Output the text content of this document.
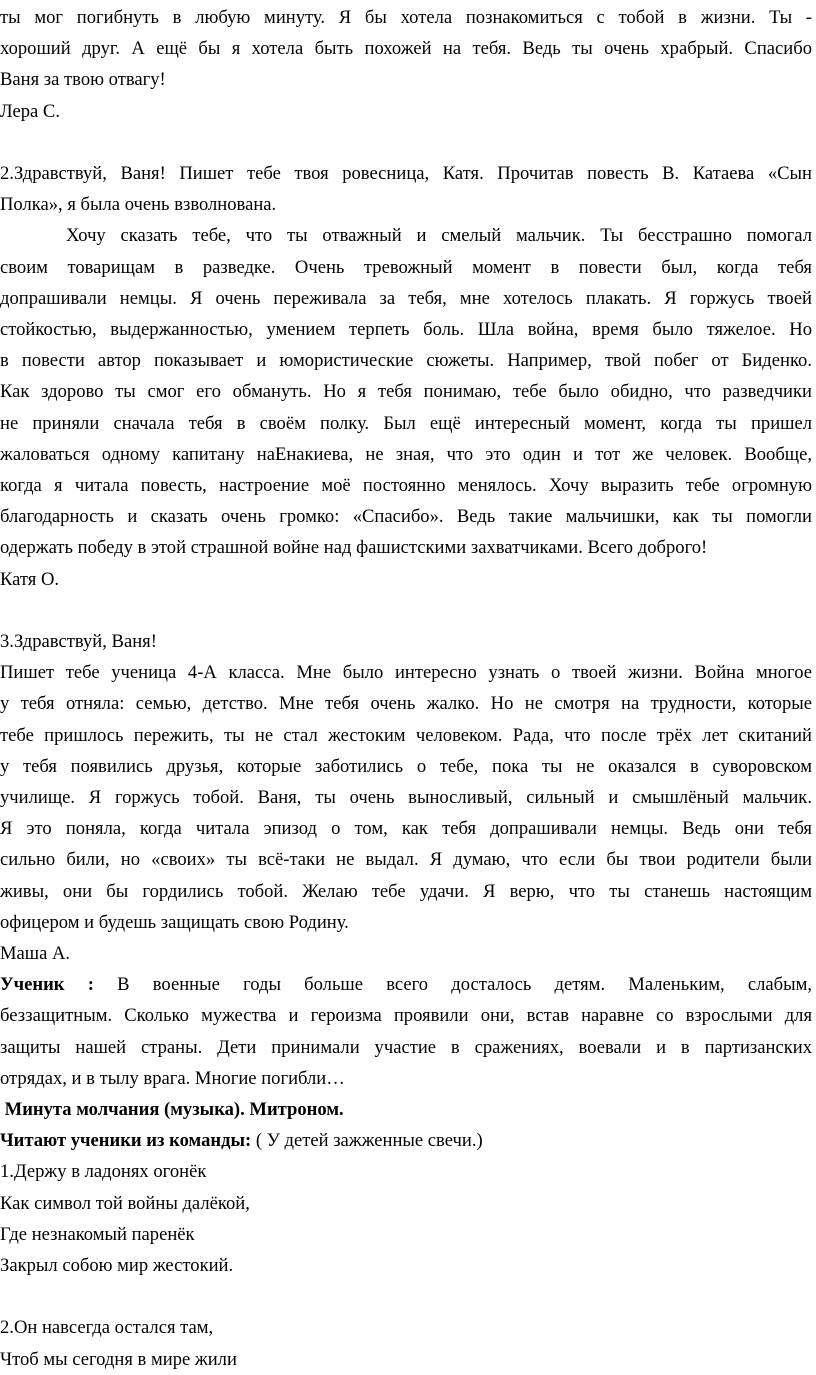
ты мог погибнуть в любую минуту. Я бы хотела познакомиться с тобой в жизни. Ты -
хороший друг. А ещё бы я хотела быть похожей на тебя. Ведь ты очень храбрый. Спасибо
Ваня за твою отвагу!
Лера С.
2.Здравствуй, Ваня! Пишет тебе твоя ровесница, Катя. Прочитав повесть В. Катаева «Сын
Полка», я была очень взволнована.
Хочу сказать тебе, что ты отважный и смелый мальчик. Ты бесстрашно помогал
своим товарищам в разведке. Очень тревожный момент в повести был, когда тебя
допрашивали немцы. Я очень переживала за тебя, мне хотелось плакать. Я горжусь твоей
стойкостью, выдержанностью, умением терпеть боль. Шла война, время было тяжелое. Но
в повести автор показывает и юмористические сюжеты. Например, твой побег от Биденко.
Как здорово ты смог его обмануть. Но я тебя понимаю, тебе было обидно, что разведчики
не приняли сначала тебя в своём полку. Был ещё интересный момент, когда ты пришел
жаловаться одному капитану наЕнакиева, не зная, что это один и тот же человек. Вообще,
когда я читала повесть, настроение моё постоянно менялось. Хочу выразить тебе огромную
благодарность и сказать очень громко: «Спасибо». Ведь такие мальчишки, как ты помогли
одержать победу в этой страшной войне над фашистскими захватчиками. Всего доброго!
Катя О.
3.Здравствуй, Ваня!
Пишет тебе ученица 4-А класса. Мне было интересно узнать о твоей жизни. Война многое
у тебя отняла: семью, детство. Мне тебя очень жалко. Но не смотря на трудности, которые
тебе пришлось пережить, ты не стал жестоким человеком. Рада, что после трёх лет скитаний
у тебя появились друзья, которые заботились о тебе, пока ты не оказался в суворовском
училище. Я горжусь тобой. Ваня, ты очень выносливый, сильный и смышлёный мальчик.
Я это поняла, когда читала эпизод о том, как тебя допрашивали немцы. Ведь они тебя
сильно били, но «своих» ты всё-таки не выдал. Я думаю, что если бы твои родители были
живы, они бы гордились тобой. Желаю тебе удачи. Я верю, что ты станешь настоящим
офицером и будешь защищать свою Родину.
Маша А.
Ученик : В военные годы больше всего досталось детям. Маленьким, слабым,
беззащитным. Сколько мужества и героизма проявили они, встав наравне со взрослыми для
защиты нашей страны. Дети принимали участие в сражениях, воевали и в партизанских
отрядах, и в тылу врага. Многие погибли…
Минута молчания (музыка). Митроном.
Читают ученики из команды: ( У детей зажженные свечи.)
1.Держу в ладонях огонёк
Как символ той войны далёкой,
Где незнакомый паренёк
Закрыл собою мир жестокий.
2.Он навсегда остался там,
Чтоб мы сегодня в мире жили
